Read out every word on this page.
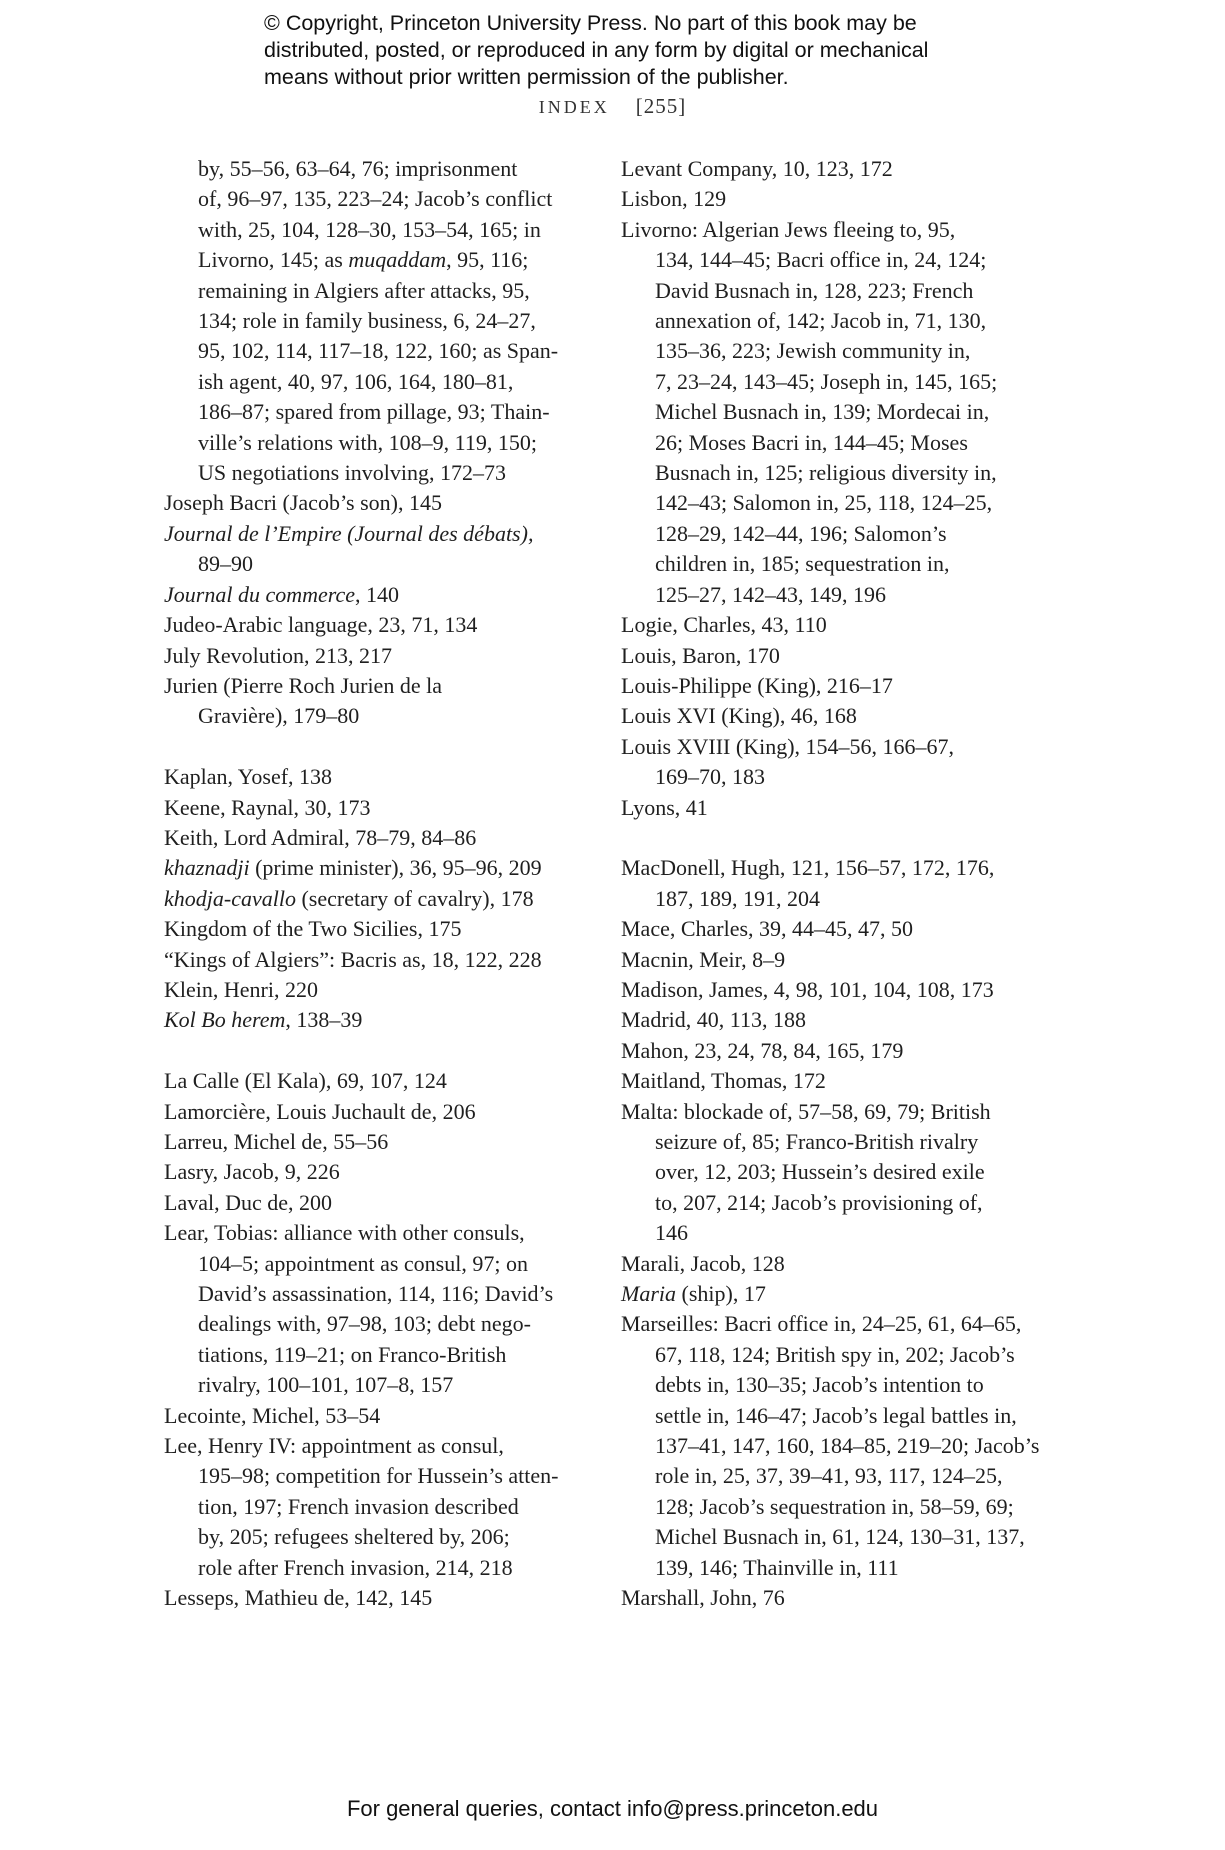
© Copyright, Princeton University Press. No part of this book may be
distributed, posted, or reproduced in any form by digital or mechanical
means without prior written permission of the publisher.
INDEX [255]

by, 55–56, 63–64, 76; imprisonment

of, 96–97, 135, 223–24; Jacob’s conflict

with, 25, 104, 128–30, 153–54, 165; in

Livorno, 145; as muqaddam, 95, 116;

remaining in Algiers after attacks, 95,

134; role in family business, 6, 24–27,

95, 102, 114, 117–18, 122, 160; as Span-

ish agent, 40, 97, 106, 164, 180–81,

186–87; spared from pillage, 93; Thain-

ville’s relations with, 108–9, 119, 150;

US negotiations involving, 172–73

Joseph Bacri (Jacob’s son), 145

Journal de l’Empire (Journal des débats),
89–90

Journal du commerce, 140

Judeo-Arabic language, 23, 71, 134

July Revolution, 213, 217

Jurien (Pierre Roch Jurien de la
Gravière), 179–80

Kaplan, Yosef, 138

Keene, Raynal, 30, 173

Keith, Lord Admiral, 78–79, 84–86

khaznadji (prime minister), 36, 95–96, 209

khodja-cavallo (secretary of cavalry), 178

Kingdom of the Two Sicilies, 175

“Kings of Algiers”: Bacris as, 18, 122, 228

Klein, Henri, 220

Kol Bo herem, 138–39

La Calle (El Kala), 69, 107, 124

Lamorcière, Louis Juchault de, 206

Larreu, Michel de, 55–56

Lasry, Jacob, 9, 226

Laval, Duc de, 200

Lear, Tobias: alliance with other consuls,
104–5; appointment as consul, 97; on
David’s assassination, 114, 116; David’s
dealings with, 97–98, 103; debt nego-
tiations, 119–21; on Franco-British
rivalry, 100–101, 107–8, 157

Lecointe, Michel, 53–54

Lee, Henry IV: appointment as consul,
195–98; competition for Hussein’s atten-
tion, 197; French invasion described
by, 205; refugees sheltered by, 206;
role after French invasion, 214, 218

Lesseps, Mathieu de, 142, 145

Levant Company, 10, 123, 172

Lisbon, 129

Livorno: Algerian Jews fleeing to, 95,
134, 144–45; Bacri office in, 24, 124;
David Busnach in, 128, 223; French
annexation of, 142; Jacob in, 71, 130,
135–36, 223; Jewish community in,
7, 23–24, 143–45; Joseph in, 145, 165;
Michel Busnach in, 139; Mordecai in,
26; Moses Bacri in, 144–45; Moses
Busnach in, 125; religious diversity in,
142–43; Salomon in, 25, 118, 124–25,
128–29, 142–44, 196; Salomon’s
children in, 185; sequestration in,
125–27, 142–43, 149, 196

Logie, Charles, 43, 110

Louis, Baron, 170

Louis-Philippe (King), 216–17

Louis XVI (King), 46, 168

Louis XVIII (King), 154–56, 166–67,
169–70, 183

Lyons, 41

MacDonell, Hugh, 121, 156–57, 172, 176,
187, 189, 191, 204

Mace, Charles, 39, 44–45, 47, 50

Macnin, Meir, 8–9

Madison, James, 4, 98, 101, 104, 108, 173

Madrid, 40, 113, 188

Mahon, 23, 24, 78, 84, 165, 179

Maitland, Thomas, 172

Malta: blockade of, 57–58, 69, 79; British
seizure of, 85; Franco-British rivalry
over, 12, 203; Hussein’s desired exile
to, 207, 214; Jacob’s provisioning of,
146

Marali, Jacob, 128

Maria (ship), 17

Marseilles: Bacri office in, 24–25, 61, 64–65,
67, 118, 124; British spy in, 202; Jacob’s
debts in, 130–35; Jacob’s intention to
settle in, 146–47; Jacob’s legal battles in,
137–41, 147, 160, 184–85, 219–20; Jacob’s
role in, 25, 37, 39–41, 93, 117, 124–25,
128; Jacob’s sequestration in, 58–59, 69;
Michel Busnach in, 61, 124, 130–31, 137,
139, 146; Thainville in, 111

Marshall, John, 76

For general queries, contact info@press.princeton.edu
